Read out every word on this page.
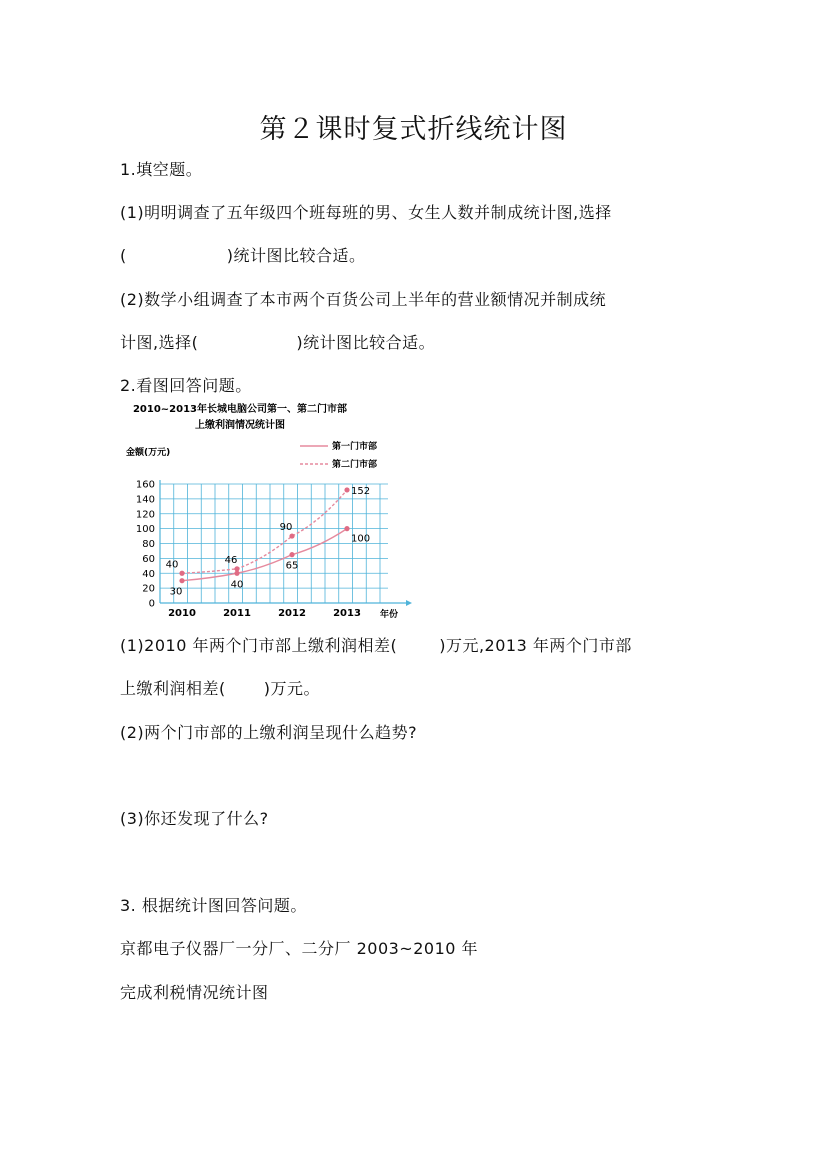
第２课时复式折线统计图
1.填空题。
(1)明明调查了五年级四个班每班的男、女生人数并制成统计图,选择
(	)统计图比较合适。
(2)数学小组调查了本市两个百货公司上半年的营业额情况并制成统
计图,选择(	)统计图比较合适。
2.看图回答问题。
2010~2013年长城电脑公司第一、第二门市部
上缴利润情况统计图
金额(万元)
第一门市部
第二门市部
0
20
40
60
80
100
120
140
160
2010	2011	2012	2013
30
40
65
100
40	46
90
152
年份
(1)2010 年两个门市部上缴利润相差(	)万元,2013 年两个门市部
上缴利润相差( )万元。
(2)两个门市部的上缴利润呈现什么趋势?
(3)你还发现了什么?
3. 根据统计图回答问题。
京都电子仪器厂一分厂、二分厂 2003~2010 年
完成利税情况统计图
